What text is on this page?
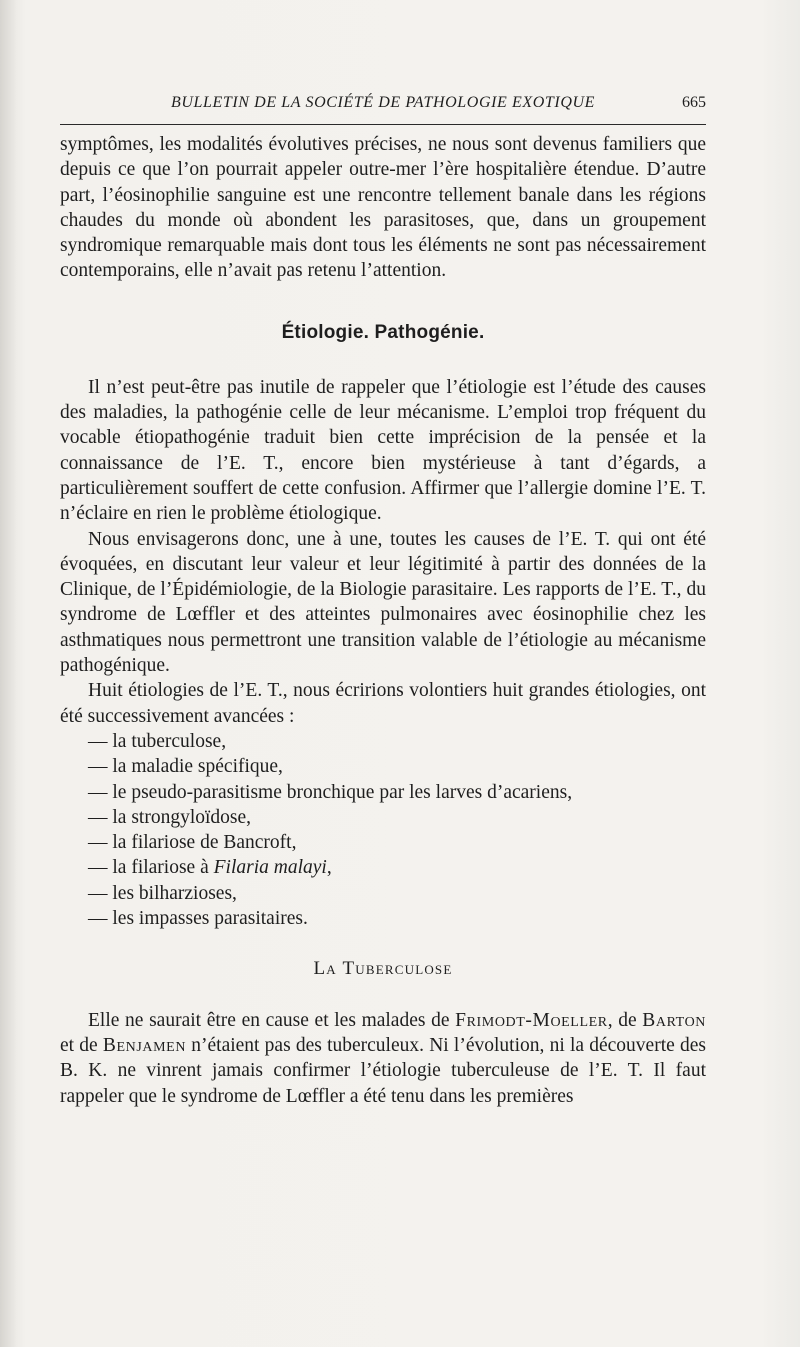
BULLETIN DE LA SOCIÉTÉ DE PATHOLOGIE EXOTIQUE	665

symptômes, les modalités évolutives précises, ne nous sont devenus familiers que depuis ce que l’on pourrait appeler outre-mer l’ère hospitalière étendue. D’autre part, l’éosinophilie sanguine est une rencontre tellement banale dans les régions chaudes du monde où abondent les parasitoses, que, dans un groupement syndromique remarquable mais dont tous les éléments ne sont pas nécessairement contemporains, elle n’avait pas retenu l’attention.

Étiologie. Pathogénie.

Il n’est peut-être pas inutile de rappeler que l’étiologie est l’étude des causes des maladies, la pathogénie celle de leur mécanisme. L’emploi trop fréquent du vocable étiopathogénie traduit bien cette imprécision de la pensée et la connaissance de l’E. T., encore bien mystérieuse à tant d’égards, a particulièrement souffert de cette confusion. Affirmer que l’allergie domine l’E. T. n’éclaire en rien le problème étiologique.

Nous envisagerons donc, une à une, toutes les causes de l’E. T. qui ont été évoquées, en discutant leur valeur et leur légitimité à partir des données de la Clinique, de l’Épidémiologie, de la Biologie parasitaire. Les rapports de l’E. T., du syndrome de Lœffler et des atteintes pulmonaires avec éosinophilie chez les asthmatiques nous permettront une transition valable de l’étiologie au mécanisme pathogénique.

Huit étiologies de l’E. T., nous écririons volontiers huit grandes étiologies, ont été successivement avancées :

— la tuberculose,

— la maladie spécifique,

— le pseudo-parasitisme bronchique par les larves d’acariens,

— la strongyloïdose,

— la filariose de Bancroft,

— la filariose à Filaria malayi,

— les bilharzioses,

— les impasses parasitaires.

La Tuberculose

Elle ne saurait être en cause et les malades de Frimodt-Moeller, de Barton et de Benjamen n’étaient pas des tuberculeux. Ni l’évolution, ni la découverte des B. K. ne vinrent jamais confirmer l’étiologie tuberculeuse de l’E. T. Il faut rappeler que le syndrome de Lœffler a été tenu dans les premières
